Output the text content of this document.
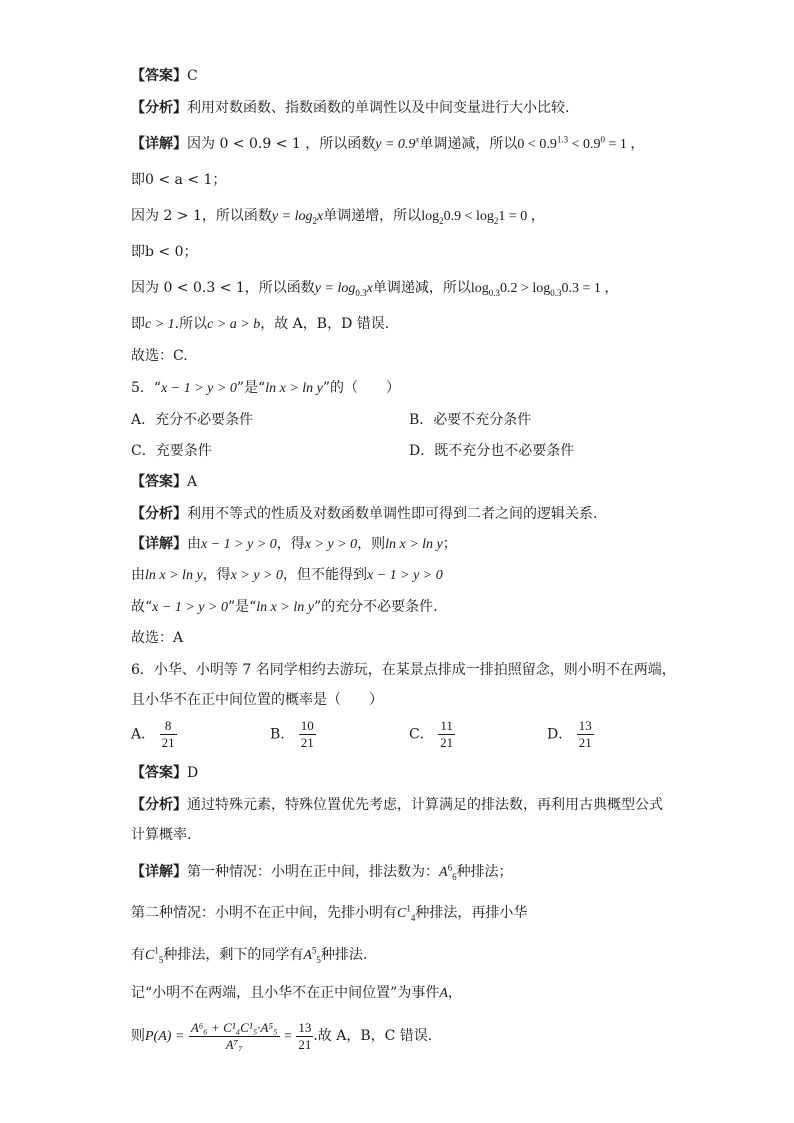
【答案】C
【分析】利用对数函数、指数函数的单调性以及中间变量进行大小比较.
【详解】因为 0 < 0.9 < 1 ，所以函数$y = 0.9^x$单调递减，所以$0 < 0.9^{1.3} < 0.9^0 = 1$ ，
即0 < a < 1；
因为 2 > 1，所以函数$y = \log_2x$单调递增，所以$\log_20.9 < \log_21 = 0$ ，
即b < 0；
因为 0 < 0.3 < 1，所以函数$y = \log_{0.3}x$单调递减，所以$\log_{0.3}0.2 > \log_{0.3}0.3 = 1$ ，
即c > 1.所以c > a > b，故 A，B，D 错误.
故选：C.
5．“x − 1 > y > 0”是“ln x > ln y”的（　　）
A．充分不必要条件	B．必要不充分条件
C．充要条件	D．既不充分也不必要条件
【答案】A
【分析】利用不等式的性质及对数函数单调性即可得到二者之间的逻辑关系.
【详解】由x − 1 > y > 0，得x > y > 0，则ln x > ln y；
由ln x > ln y，得x > y > 0，但不能得到x − 1 > y > 0
故“x − 1 > y > 0”是“ln x > ln y”的充分不必要条件.
故选：A
6．小华、小明等 7 名同学相约去游玩，在某景点排成一排拍照留念，则小明不在两端，
且小华不在正中间位置的概率是（　　）
A． $\frac{8}{21}$	B． $\frac{10}{21}$	C． $\frac{11}{21}$	D． $\frac{13}{21}$
【答案】D
【分析】通过特殊元素，特殊位置优先考虑，计算满足的排法数，再利用古典概型公式
计算概率.
【详解】第一种情况：小明在正中间，排法数为：$A^6_6$种排法；
第二种情况：小明不在正中间，先排小明有$C^1_4$种排法，再排小华
有$C^1_5$种排法，剩下的同学有$A^5_5$种排法.
记“小明不在两端，且小华不在正中间位置”为事件A，
则$P(A) = \frac{\text{A⁶₆ + C¹₄C¹₅·A⁵₅}}{\text{A⁷₇}} = \frac{13}{21}$ .故 A，B，C 错误.
